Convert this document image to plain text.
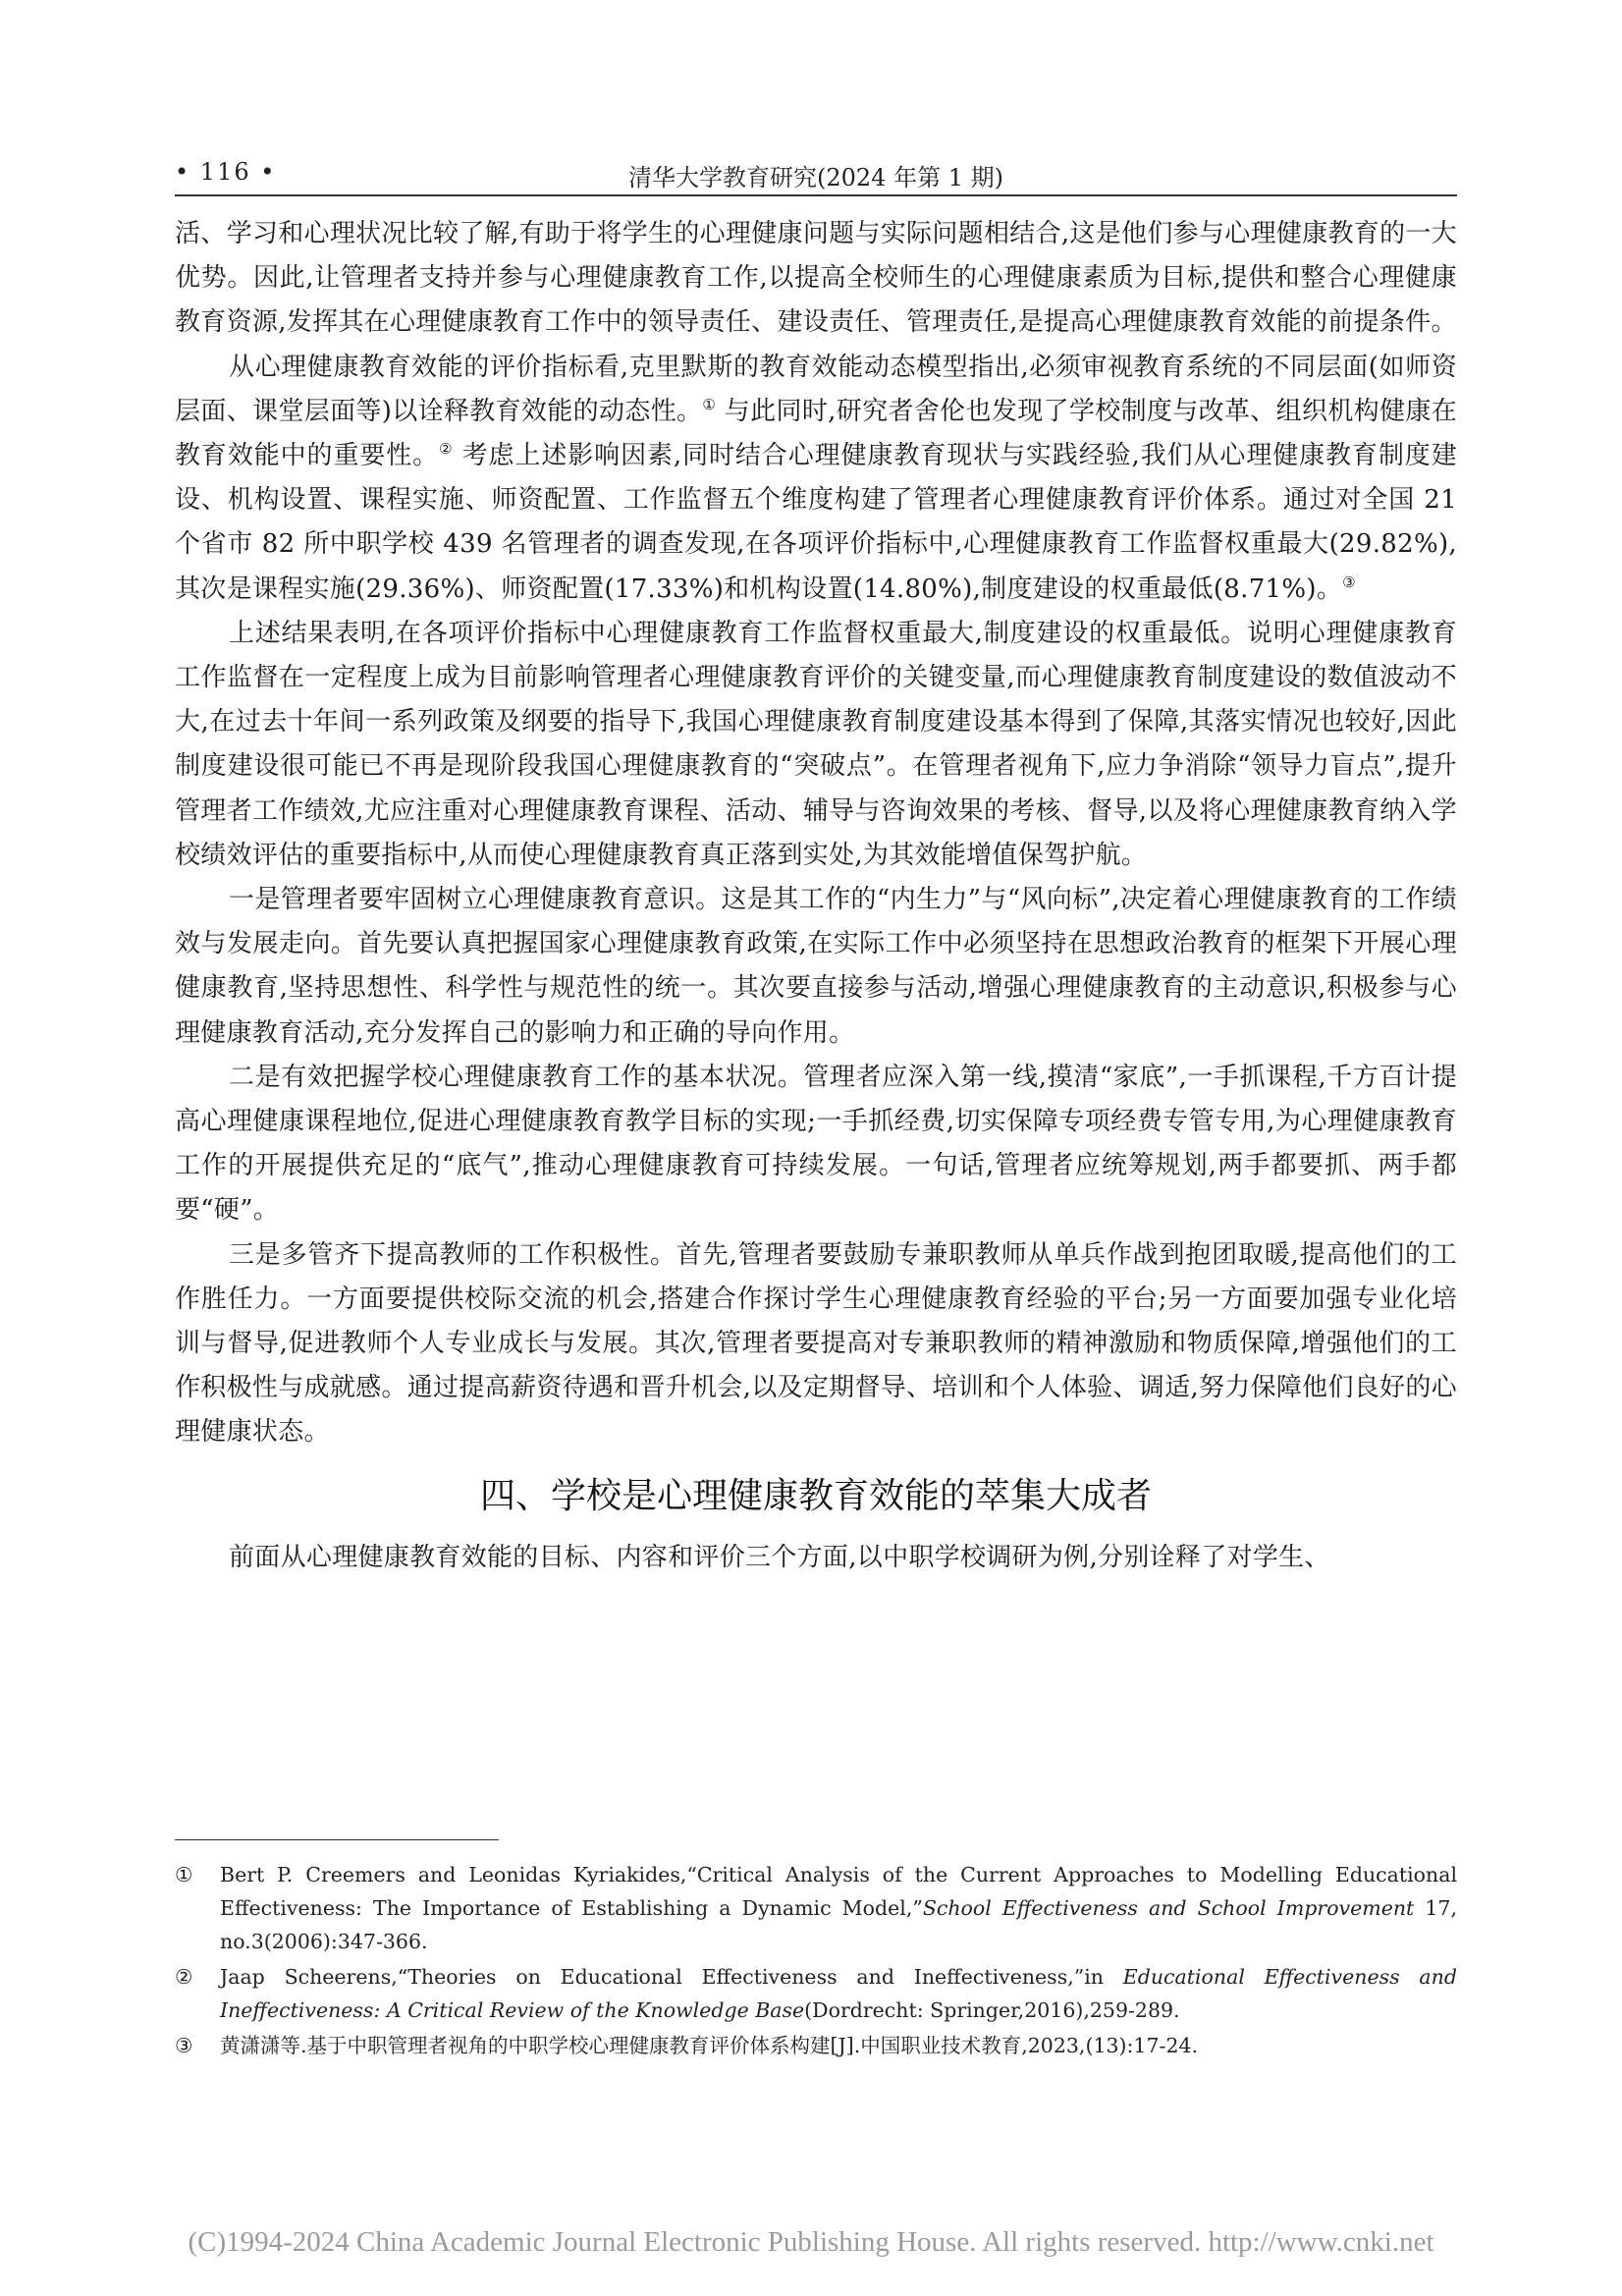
• 116 •	清华大学教育研究(2024 年第 1 期)

活、学习和心理状况比较了解,有助于将学生的心理健康问题与实际问题相结合,这是他们参与心理健康教育的一大优势。因此,让管理者支持并参与心理健康教育工作,以提高全校师生的心理健康素质为目标,提供和整合心理健康教育资源,发挥其在心理健康教育工作中的领导责任、建设责任、管理责任,是提高心理健康教育效能的前提条件。

从心理健康教育效能的评价指标看,克里默斯的教育效能动态模型指出,必须审视教育系统的不同层面(如师资层面、课堂层面等)以诠释教育效能的动态性。① 与此同时,研究者舍伦也发现了学校制度与改革、组织机构健康在教育效能中的重要性。② 考虑上述影响因素,同时结合心理健康教育现状与实践经验,我们从心理健康教育制度建设、机构设置、课程实施、师资配置、工作监督五个维度构建了管理者心理健康教育评价体系。通过对全国 21 个省市 82 所中职学校 439 名管理者的调查发现,在各项评价指标中,心理健康教育工作监督权重最大(29.82%),其次是课程实施(29.36%)、师资配置(17.33%)和机构设置(14.80%),制度建设的权重最低(8.71%)。③

上述结果表明,在各项评价指标中心理健康教育工作监督权重最大,制度建设的权重最低。说明心理健康教育工作监督在一定程度上成为目前影响管理者心理健康教育评价的关键变量,而心理健康教育制度建设的数值波动不大,在过去十年间一系列政策及纲要的指导下,我国心理健康教育制度建设基本得到了保障,其落实情况也较好,因此制度建设很可能已不再是现阶段我国心理健康教育的“突破点”。在管理者视角下,应力争消除“领导力盲点”,提升管理者工作绩效,尤应注重对心理健康教育课程、活动、辅导与咨询效果的考核、督导,以及将心理健康教育纳入学校绩效评估的重要指标中,从而使心理健康教育真正落到实处,为其效能增值保驾护航。

一是管理者要牢固树立心理健康教育意识。这是其工作的“内生力”与“风向标”,决定着心理健康教育的工作绩效与发展走向。首先要认真把握国家心理健康教育政策,在实际工作中必须坚持在思想政治教育的框架下开展心理健康教育,坚持思想性、科学性与规范性的统一。其次要直接参与活动,增强心理健康教育的主动意识,积极参与心理健康教育活动,充分发挥自己的影响力和正确的导向作用。

二是有效把握学校心理健康教育工作的基本状况。管理者应深入第一线,摸清“家底”,一手抓课程,千方百计提高心理健康课程地位,促进心理健康教育教学目标的实现;一手抓经费,切实保障专项经费专管专用,为心理健康教育工作的开展提供充足的“底气”,推动心理健康教育可持续发展。一句话,管理者应统筹规划,两手都要抓、两手都要“硬”。

三是多管齐下提高教师的工作积极性。首先,管理者要鼓励专兼职教师从单兵作战到抱团取暖,提高他们的工作胜任力。一方面要提供校际交流的机会,搭建合作探讨学生心理健康教育经验的平台;另一方面要加强专业化培训与督导,促进教师个人专业成长与发展。其次,管理者要提高对专兼职教师的精神激励和物质保障,增强他们的工作积极性与成就感。通过提高薪资待遇和晋升机会,以及定期督导、培训和个人体验、调适,努力保障他们良好的心理健康状态。

四、学校是心理健康教育效能的萃集大成者

前面从心理健康教育效能的目标、内容和评价三个方面,以中职学校调研为例,分别诠释了对学生、

① Bert P. Creemers and Leonidas Kyriakides,“Critical Analysis of the Current Approaches to Modelling Educational Effectiveness: The Importance of Establishing a Dynamic Model,”School Effectiveness and School Improvement 17, no.3(2006):347-366.
② Jaap Scheerens,“Theories on Educational Effectiveness and Ineffectiveness,”in Educational Effectiveness and Ineffectiveness: A Critical Review of the Knowledge Base(Dordrecht: Springer,2016),259-289.
③ 黄潇潇等.基于中职管理者视角的中职学校心理健康教育评价体系构建[J].中国职业技术教育,2023,(13):17-24.
(C)1994-2024 China Academic Journal Electronic Publishing House. All rights reserved. http://www.cnki.net
